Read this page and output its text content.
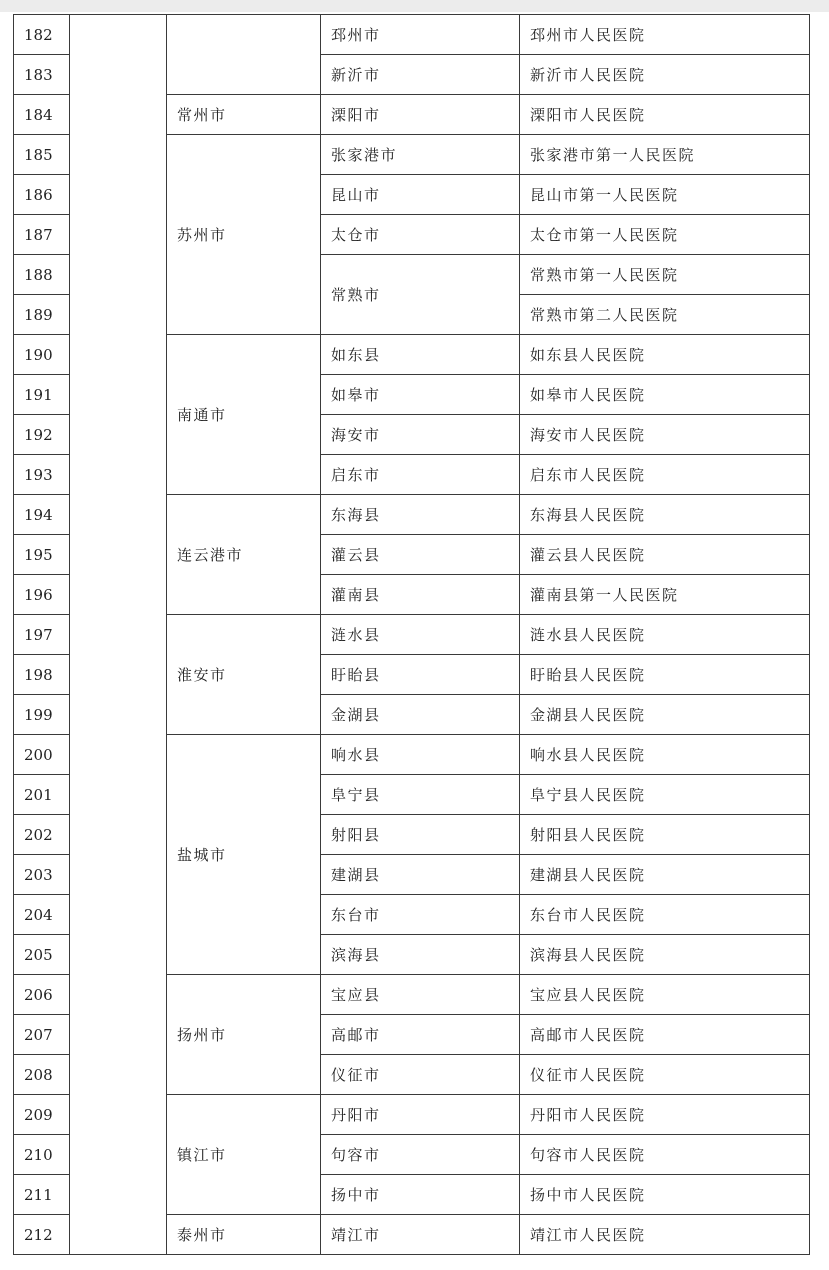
182			邳州市	邳州市人民医院
183			新沂市	新沂市人民医院
184		常州市	溧阳市	溧阳市人民医院
185		苏州市	张家港市	张家港市第一人民医院
186			昆山市	昆山市第一人民医院
187			太仓市	太仓市第一人民医院
188			常熟市	常熟市第一人民医院
189				常熟市第二人民医院
190		南通市	如东县	如东县人民医院
191			如皋市	如皋市人民医院
192			海安市	海安市人民医院
193			启东市	启东市人民医院
194		连云港市	东海县	东海县人民医院
195			灌云县	灌云县人民医院
196			灌南县	灌南县第一人民医院
197		淮安市	涟水县	涟水县人民医院
198			盱眙县	盱眙县人民医院
199			金湖县	金湖县人民医院
200		盐城市	响水县	响水县人民医院
201			阜宁县	阜宁县人民医院
202			射阳县	射阳县人民医院
203			建湖县	建湖县人民医院
204			东台市	东台市人民医院
205			滨海县	滨海县人民医院
206		扬州市	宝应县	宝应县人民医院
207			高邮市	高邮市人民医院
208			仪征市	仪征市人民医院
209		镇江市	丹阳市	丹阳市人民医院
210			句容市	句容市人民医院
211			扬中市	扬中市人民医院
212		泰州市	靖江市	靖江市人民医院
